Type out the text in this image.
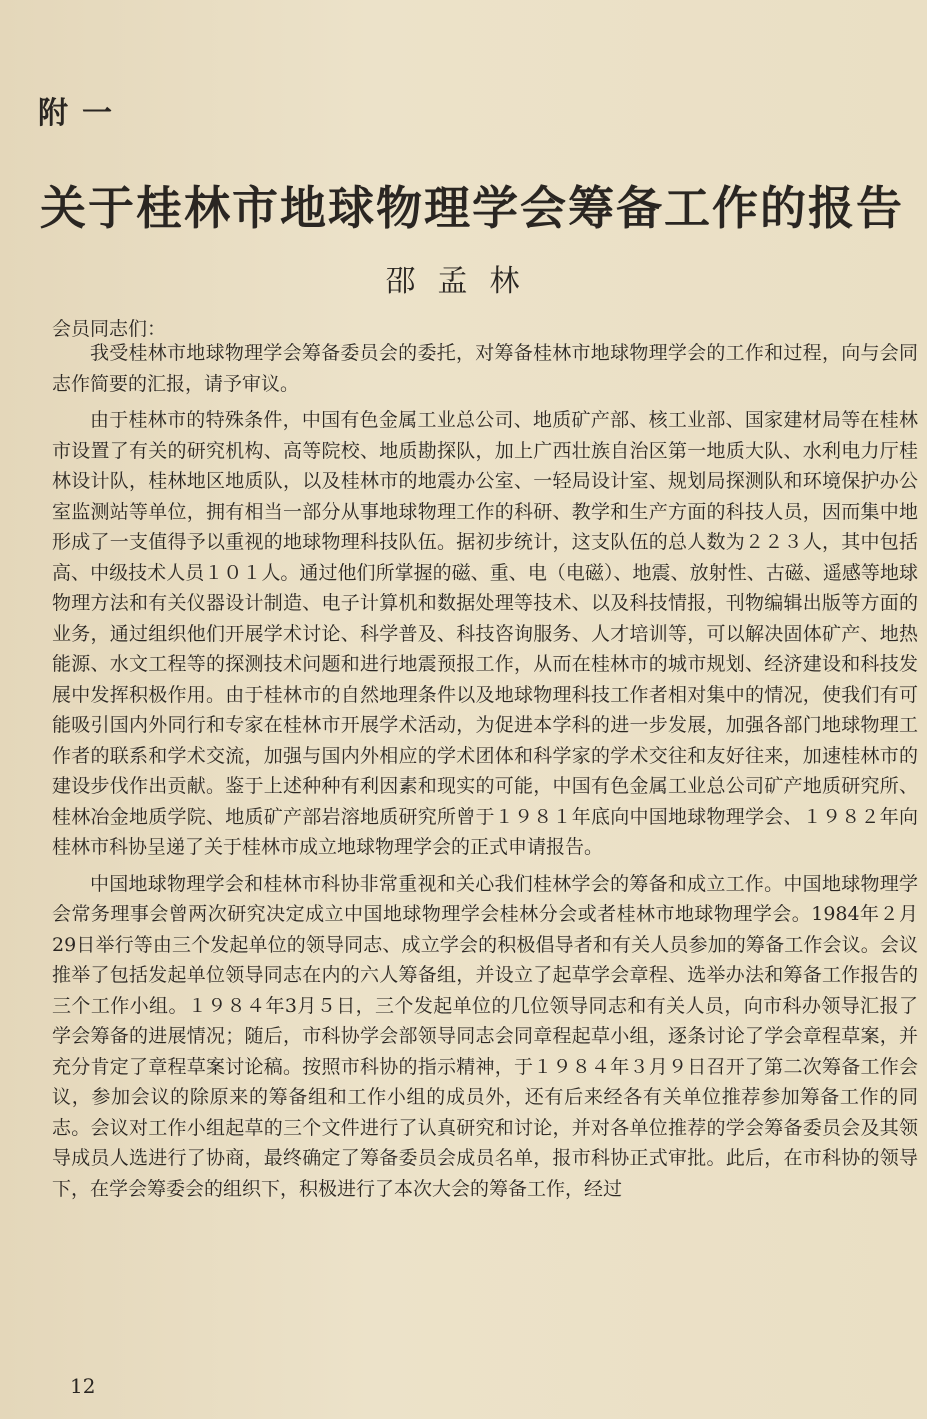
附一
关于桂林市地球物理学会筹备工作的报告
邵孟林
会员同志们：

我受桂林市地球物理学会筹备委员会的委托，对筹备桂林市地球物理学会的工作和过程，向与会同志作简要的汇报，请予审议。

由于桂林市的特殊条件，中国有色金属工业总公司、地质矿产部、核工业部、国家建材局等在桂林市设置了有关的研究机构、高等院校、地质勘探队，加上广西壮族自治区第一地质大队、水利电力厅桂林设计队，桂林地区地质队，以及桂林市的地震办公室、一轻局设计室、规划局探测队和环境保护办公室监测站等单位，拥有相当一部分从事地球物理工作的科研、教学和生产方面的科技人员，因而集中地形成了一支值得予以重视的地球物理科技队伍。据初步统计，这支队伍的总人数为２２３人，其中包括高、中级技术人员１０１人。通过他们所掌握的磁、重、电（电磁）、地震、放射性、古磁、遥感等地球物理方法和有关仪器设计制造、电子计算机和数据处理等技术、以及科技情报，刊物编辑出版等方面的业务，通过组织他们开展学术讨论、科学普及、科技咨询服务、人才培训等，可以解决固体矿产、地热能源、水文工程等的探测技术问题和进行地震预报工作，从而在桂林市的城市规划、经济建设和科技发展中发挥积极作用。由于桂林市的自然地理条件以及地球物理科技工作者相对集中的情况，使我们有可能吸引国内外同行和专家在桂林市开展学术活动，为促进本学科的进一步发展，加强各部门地球物理工作者的联系和学术交流，加强与国内外相应的学术团体和科学家的学术交往和友好往来，加速桂林市的建设步伐作出贡献。鉴于上述种种有利因素和现实的可能，中国有色金属工业总公司矿产地质研究所、桂林冶金地质学院、地质矿产部岩溶地质研究所曾于１９８１年底向中国地球物理学会、１９８２年向桂林市科协呈递了关于桂林市成立地球物理学会的正式申请报告。

中国地球物理学会和桂林市科协非常重视和关心我们桂林学会的筹备和成立工作。中国地球物理学会常务理事会曾两次研究决定成立中国地球物理学会桂林分会或者桂林市地球物理学会。1984年２月29日举行等由三个发起单位的领导同志、成立学会的积极倡导者和有关人员参加的筹备工作会议。会议推举了包括发起单位领导同志在内的六人筹备组，并设立了起草学会章程、选举办法和筹备工作报告的三个工作小组。１９８４年3月５日，三个发起单位的几位领导同志和有关人员，向市科办领导汇报了学会筹备的进展情况；随后，市科协学会部领导同志会同章程起草小组，逐条讨论了学会章程草案，并充分肯定了章程草案讨论稿。按照市科协的指示精神，于１９８４年３月９日召开了第二次筹备工作会议，参加会议的除原来的筹备组和工作小组的成员外，还有后来经各有关单位推荐参加筹备工作的同志。会议对工作小组起草的三个文件进行了认真研究和讨论，并对各单位推荐的学会筹备委员会及其领导成员人选进行了协商，最终确定了筹备委员会成员名单，报市科协正式审批。此后，在市科协的领导下，在学会筹委会的组织下，积极进行了本次大会的筹备工作，经过

12
